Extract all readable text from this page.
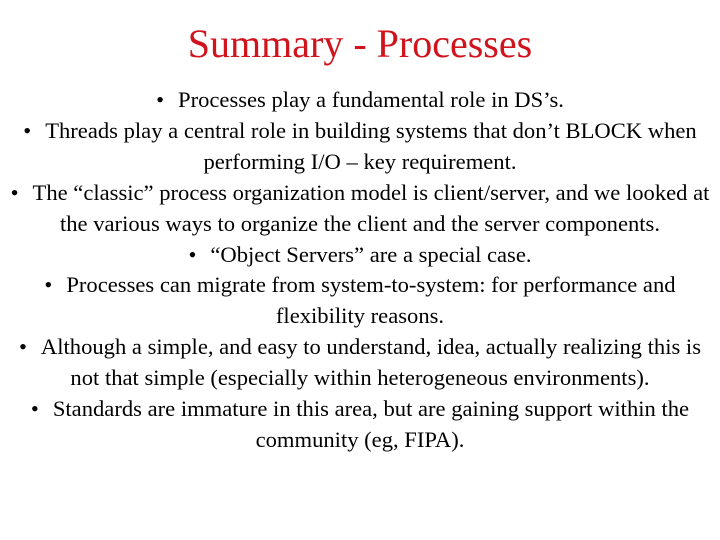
Summary - Processes
• Processes play a fundamental role in DS’s.
• Threads play a central role in building systems that don’t BLOCK when performing I/O – key requirement.
• The “classic” process organization model is client/server, and we looked at the various ways to organize the client and the server components.
• “Object Servers” are a special case.
• Processes can migrate from system-to-system: for performance and flexibility reasons.
• Although a simple, and easy to understand, idea, actually realizing this is not that simple (especially within heterogeneous environments).
• Standards are immature in this area, but are gaining support within the community (eg, FIPA).
